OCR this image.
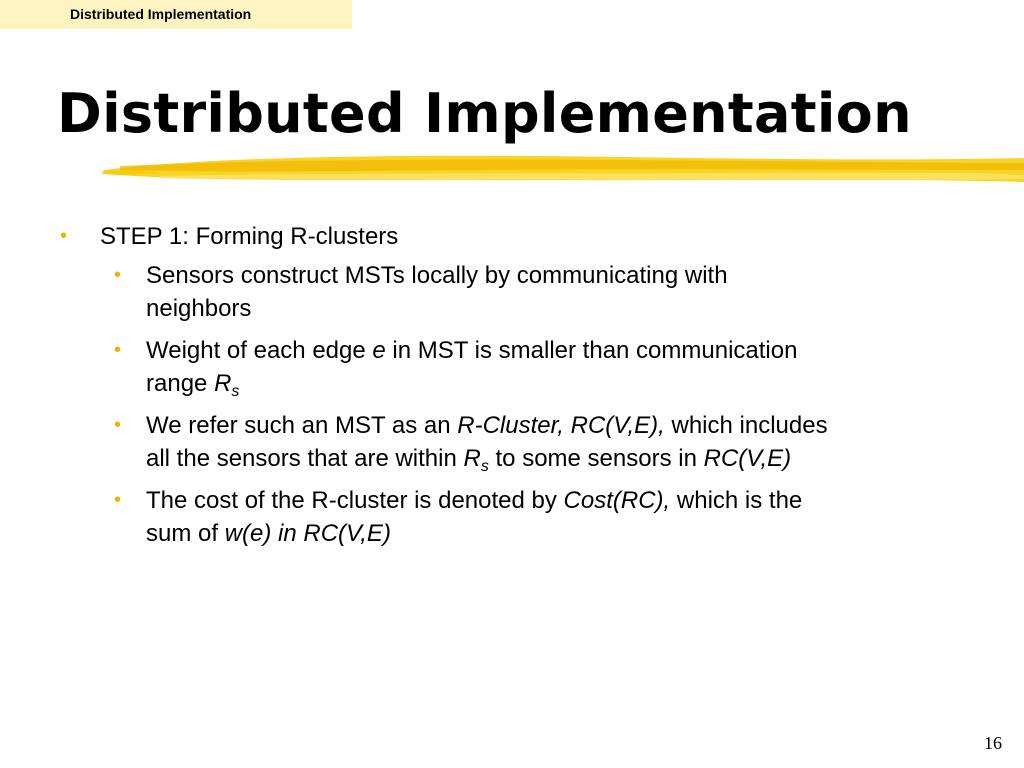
Distributed Implementation
Distributed Implementation
• STEP 1: Forming R-clusters
• Sensors construct MSTs locally by communicating with
neighbors
• Weight of each edge e in MST is smaller than communication
range $R_s$
• We refer such an MST as an R-Cluster, RC(V,E), which includes
all the sensors that are within $R_s$ to some sensors in RC(V,E)
• The cost of the R-cluster is denoted by Cost(RC), which is the
sum of w(e) in RC(V,E)
16
